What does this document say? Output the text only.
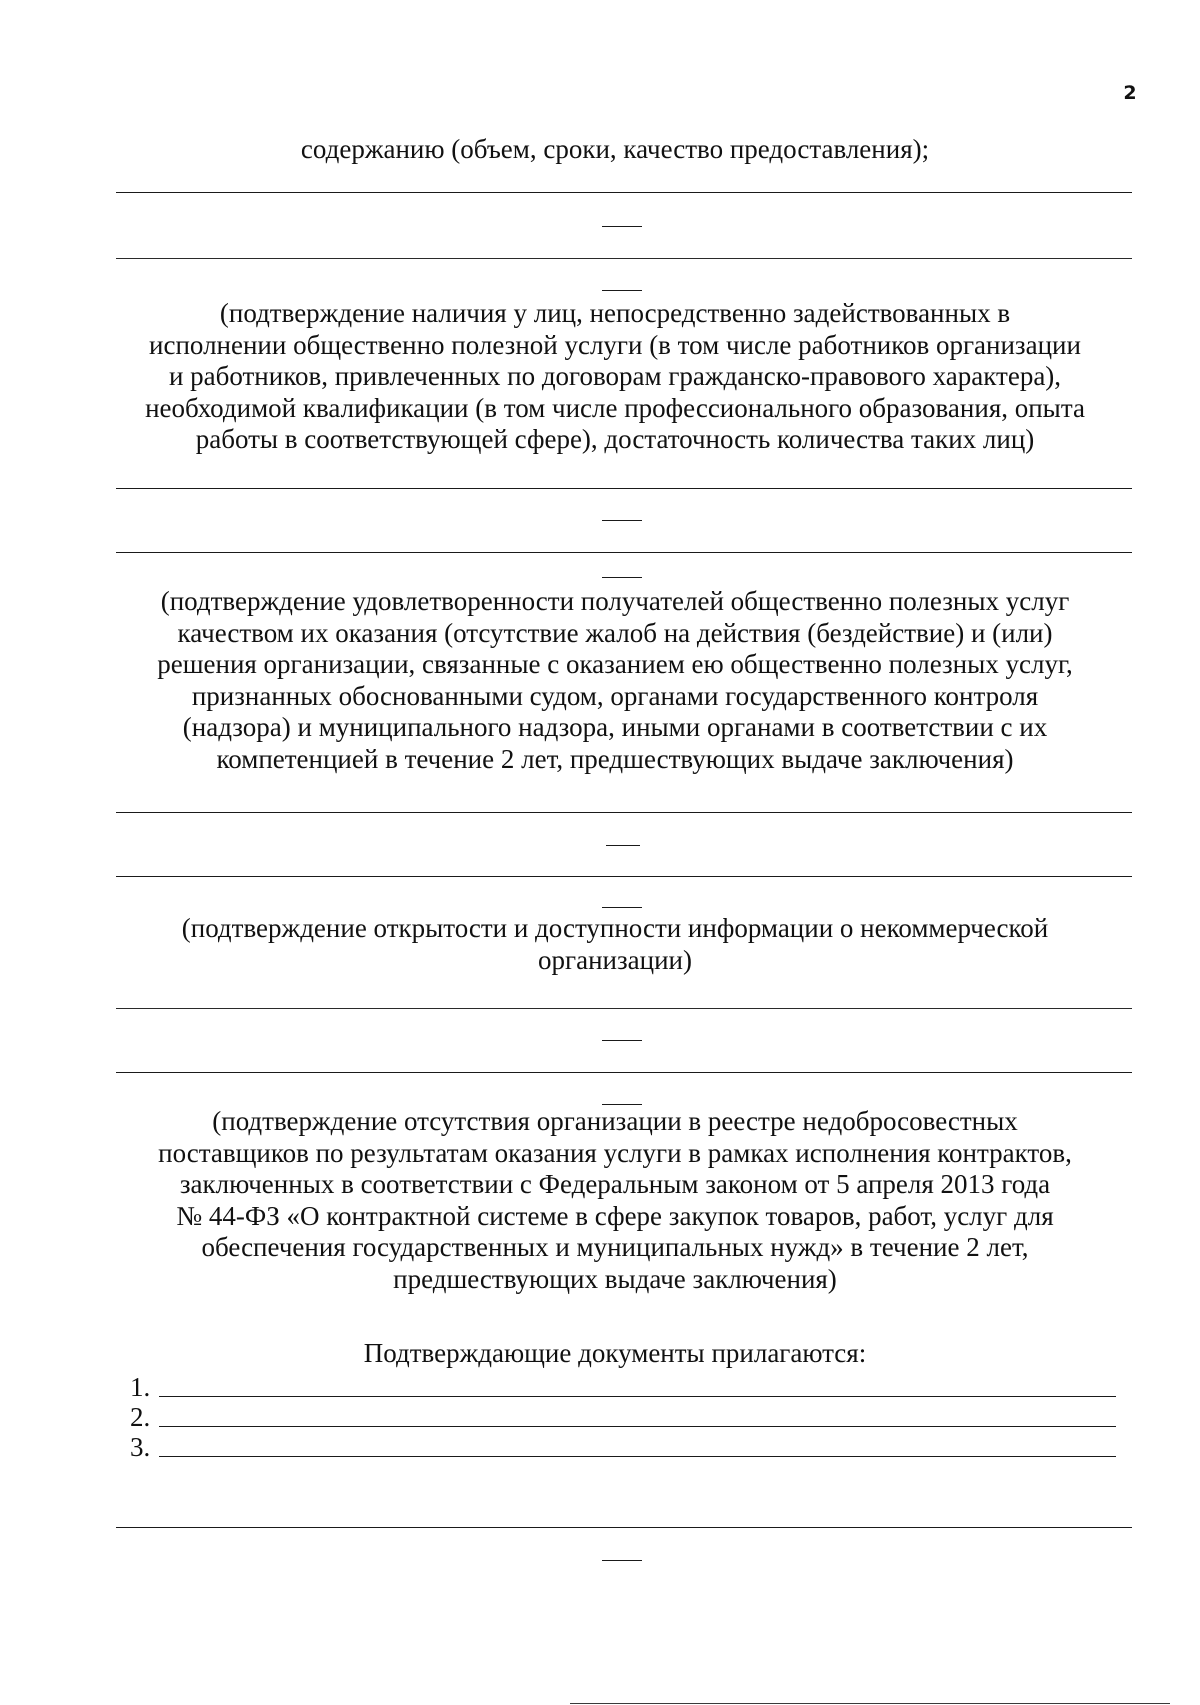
2

содержанию (объем, сроки, качество предоставления);

(подтверждение наличия у лиц, непосредственно задействованных в
исполнении общественно полезной услуги (в том числе работников организации
и работников, привлеченных по договорам гражданско-правового характера),
необходимой квалификации (в том числе профессионального образования, опыта
работы в соответствующей сфере), достаточность количества таких лиц)
(подтверждение удовлетворенности получателей общественно полезных услуг
качеством их оказания (отсутствие жалоб на действия (бездействие) и (или)
решения организации, связанные с оказанием ею общественно полезных услуг,
признанных обоснованными судом, органами государственного контроля
(надзора) и муниципального надзора, иными органами в соответствии с их
компетенцией в течение 2 лет, предшествующих выдаче заключения)
(подтверждение открытости и доступности информации о некоммерческой
организации)
(подтверждение отсутствия организации в реестре недобросовестных
поставщиков по результатам оказания услуги в рамках исполнения контрактов,
заключенных в соответствии с Федеральным законом от 5 апреля 2013 года
№ 44-ФЗ «О контрактной системе в сфере закупок товаров, работ, услуг для
обеспечения государственных и муниципальных нужд» в течение 2 лет,
предшествующих выдаче заключения)

Подтверждающие документы прилагаются:

1.
2.
3.
